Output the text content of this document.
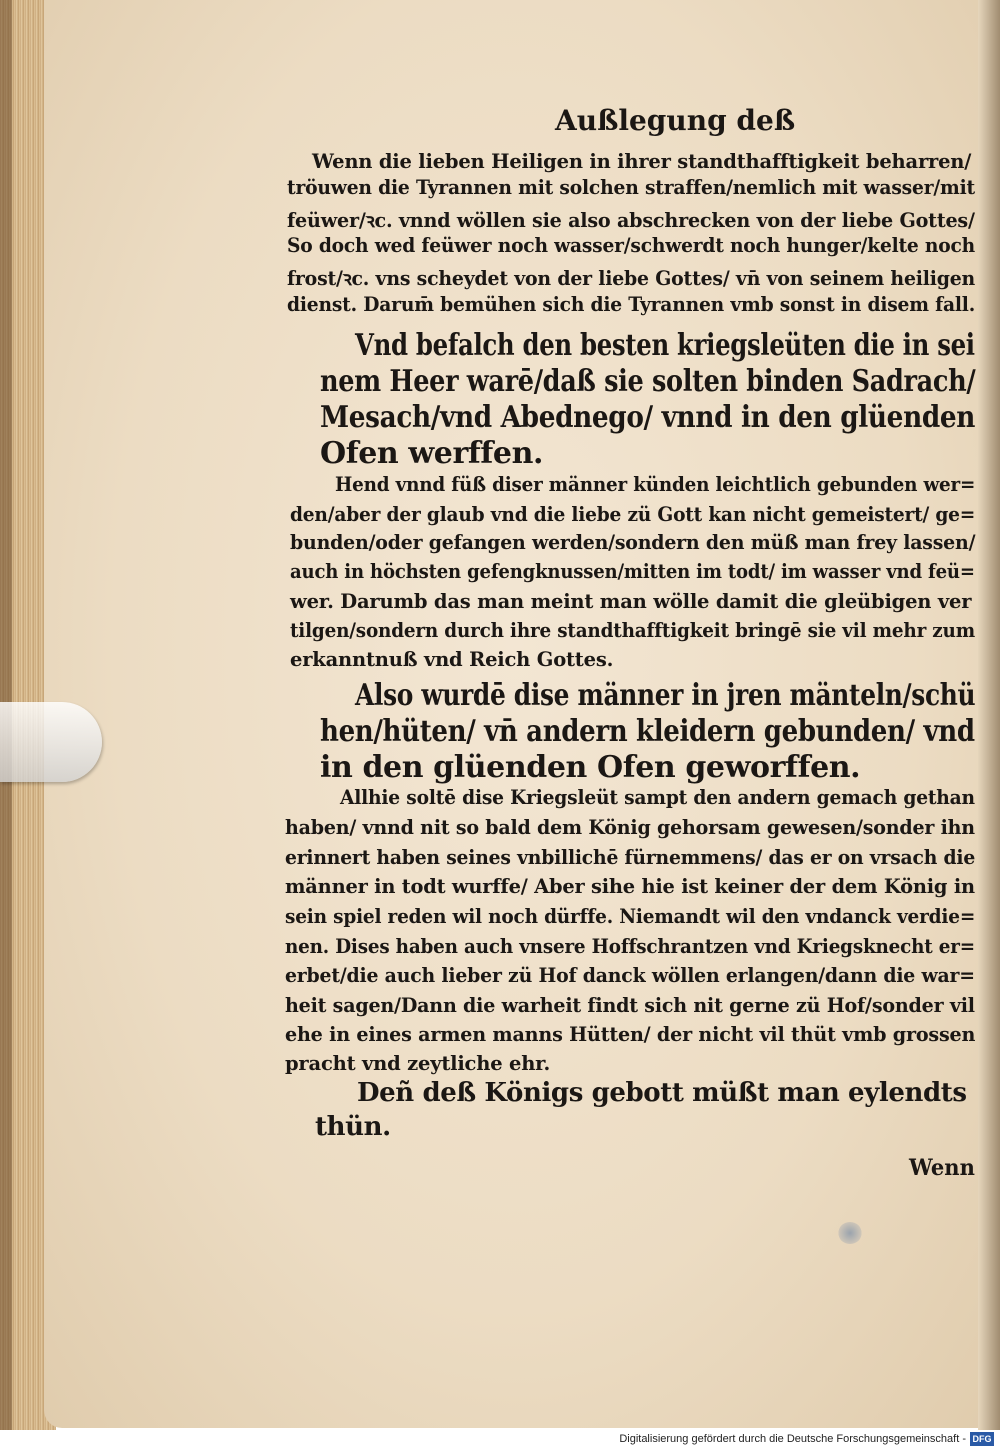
Außlegung deß
Wenn die lieben Heiligen in ihrer standthafftigkeit beharren/
tröuwen die Tyrannen mit solchen straffen/nemlich mit wasser/mit
feüwer/ꝛc. vnnd wöllen sie also abschrecken von der liebe Gottes/
So doch wed feüwer noch wasser/schwerdt noch hunger/kelte noch
frost/ꝛc. vns scheydet von der liebe Gottes/ vn̄ von seinem heiligen
dienst. Darum̄ bemühen sich die Tyrannen vmb sonst in disem fall.
Vnd befalch den besten kriegsleüten die in sei
nem Heer warē/daß sie solten binden Sadrach/
Mesach/vnd Abednego/ vnnd in den glüenden
Ofen werffen.
Hend vnnd füß diser männer künden leichtlich gebunden wer=
den/aber der glaub vnd die liebe zü Gott kan nicht gemeistert/ ge=
bunden/oder gefangen werden/sondern den müß man frey lassen/
auch in höchsten gefengknussen/mitten im todt/ im wasser vnd feü=
wer. Darumb das man meint man wölle damit die gleübigen ver
tilgen/sondern durch ihre standthafftigkeit bringē sie vil mehr zum
erkanntnuß vnd Reich Gottes.
Also wurdē dise männer in jren mänteln/schü
hen/hüten/ vn̄ andern kleidern gebunden/ vnd
in den glüenden Ofen geworffen.
Allhie soltē dise Kriegsleüt sampt den andern gemach gethan
haben/ vnnd nit so bald dem König gehorsam gewesen/sonder ihn
erinnert haben seines vnbillichē fürnemmens/ das er on vrsach die
männer in todt wurffe/ Aber sihe hie ist keiner der dem König in
sein spiel reden wil noch dürffe. Niemandt wil den vndanck verdie=
nen. Dises haben auch vnsere Hoffschrantzen vnd Kriegsknecht er=
erbet/die auch lieber zü Hof danck wöllen erlangen/dann die war=
heit sagen/Dann die warheit findt sich nit gerne zü Hof/sonder vil
ehe in eines armen manns Hütten/ der nicht vil thüt vmb grossen
pracht vnd zeytliche ehr.
Deñ deß Königs gebott müßt man eylendts
thün.
Wenn
Digitalisierung gefördert durch die Deutsche Forschungsgemeinschaft - DFG
